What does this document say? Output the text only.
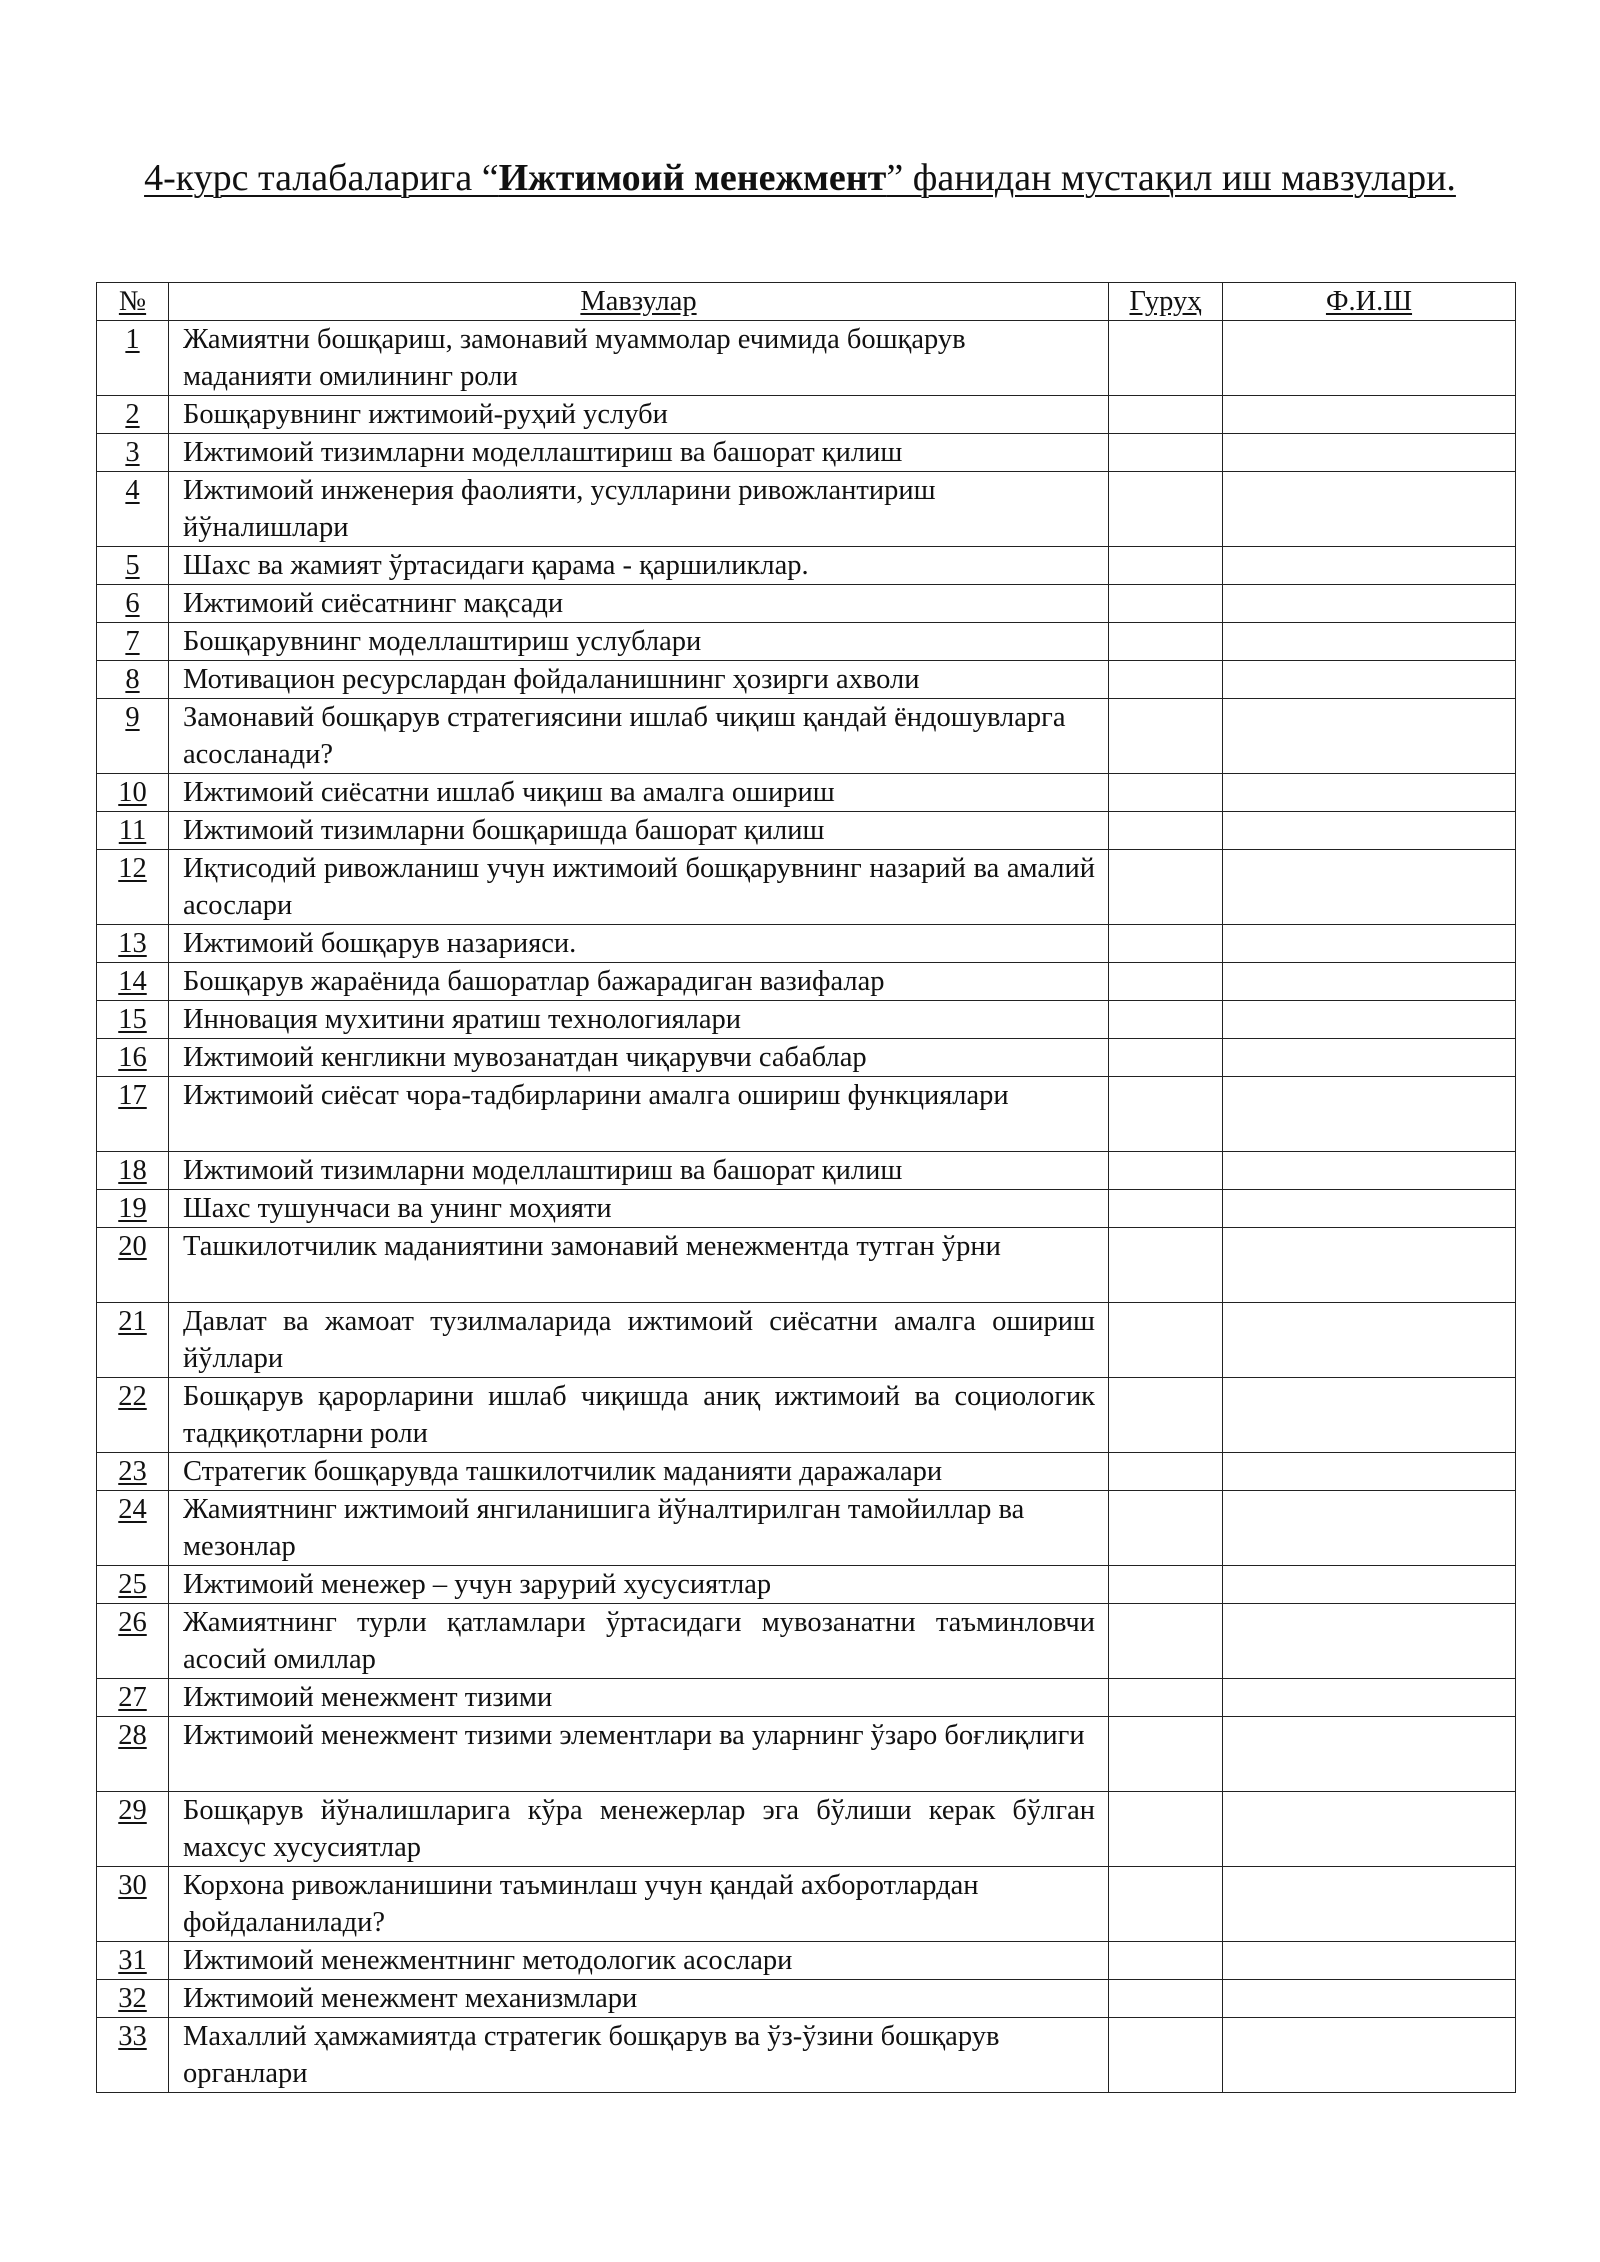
4-курс талабаларига “Ижтимоий менежмент” фанидан мустақил иш мавзулари.
№	Мавзулар	Гуруҳ	Ф.И.Ш
1	Жамиятни бошқариш, замонавий муаммолар ечимида бошқарув маданияти омилининг роли		
2	Бошқарувнинг ижтимоий-руҳий услуби		
3	Ижтимоий тизимларни моделлаштириш ва башорат қилиш		
4	Ижтимоий инженерия фаолияти, усулларини ривожлантириш йўналишлари		
5	Шахс ва жамият ўртасидаги қарама - қаршиликлар.		
6	Ижтимоий сиёсатнинг мақсади		
7	Бошқарувнинг моделлаштириш услублари		
8	Мотивацион ресурслардан фойдаланишнинг ҳозирги ахволи		
9	Замонавий бошқарув стратегиясини ишлаб чиқиш қандай ёндошувларга асосланади?		
10	Ижтимоий сиёсатни ишлаб чиқиш ва амалга ошириш		
11	Ижтимоий тизимларни бошқаришда башорат қилиш		
12	Иқтисодий ривожланиш учун ижтимоий бошқарувнинг назарий ва амалий асослари		
13	Ижтимоий бошқарув назарияси.		
14	Бошқарув жараёнида башоратлар бажарадиган вазифалар		
15	Инновация мухитини яратиш технологиялари		
16	Ижтимоий кенгликни мувозанатдан чиқарувчи сабаблар		
17	Ижтимоий сиёсат чора-тадбирларини амалга ошириш функциялари		
18	Ижтимоий тизимларни моделлаштириш ва башорат қилиш		
19	Шахс тушунчаси ва унинг моҳияти		
20	Ташкилотчилик маданиятини замонавий менежментда тутган ўрни		
21	Давлат ва жамоат тузилмаларида ижтимоий сиёсатни амалга ошириш йўллари		
22	Бошқарув қарорларини ишлаб чиқишда аниқ ижтимоий ва социологик тадқиқотларни роли		
23	Стратегик бошқарувда ташкилотчилик маданияти даражалари		
24	Жамиятнинг ижтимоий янгиланишига йўналтирилган тамойиллар ва мезонлар		
25	Ижтимоий менежер – учун зарурий хусусиятлар		
26	Жамиятнинг турли қатламлари ўртасидаги мувозанатни таъминловчи асосий омиллар		
27	Ижтимоий менежмент тизими		
28	Ижтимоий менежмент тизими элементлари ва уларнинг ўзаро боғлиқлиги		
29	Бошқарув йўналишларига кўра менежерлар эга бўлиши керак бўлган махсус хусусиятлар		
30	Корхона ривожланишини таъминлаш учун қандай ахборотлардан фойдаланилади?		
31	Ижтимоий менежментнинг методологик асослари		
32	Ижтимоий менежмент механизмлари		
33	Махаллий ҳамжамиятда стратегик бошқарув ва ўз-ўзини бошқарув органлари		
